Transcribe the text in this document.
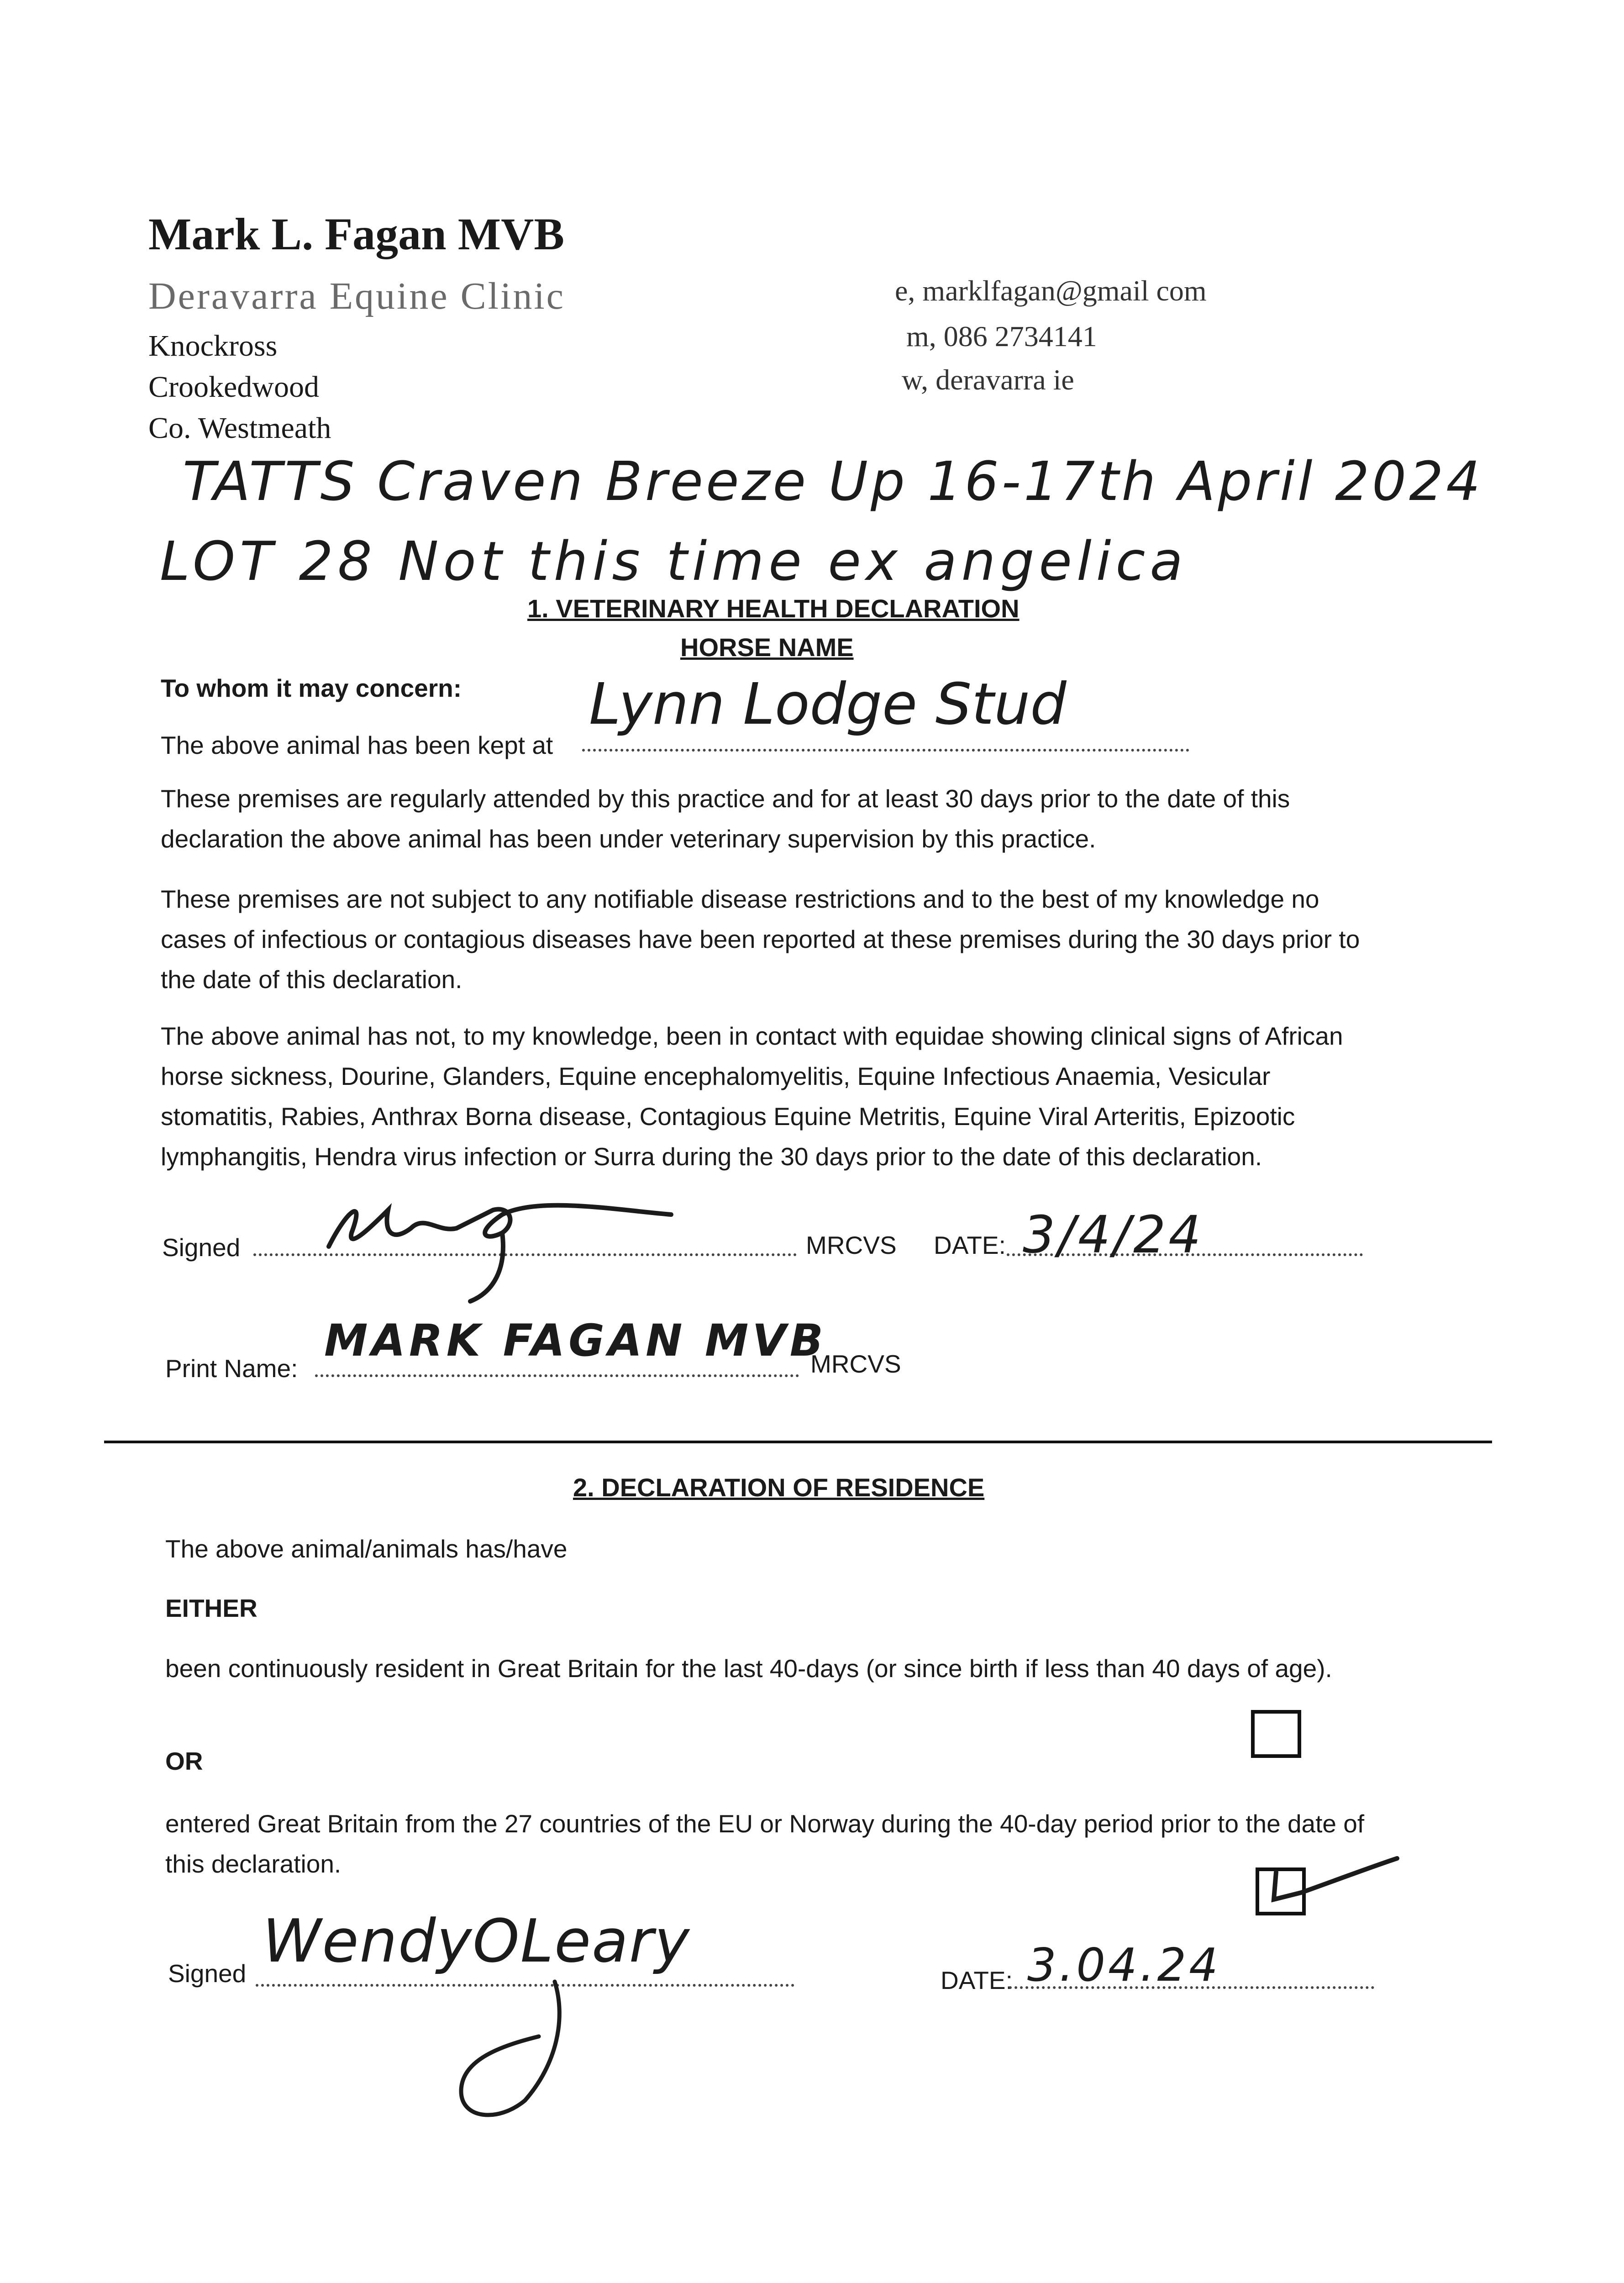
Mark L. Fagan MVB
Deravarra Equine Clinic
Knockross
Crookedwood
Co. Westmeath
e, marklfagan@gmail com
m, 086 2734141
w, deravarra ie
TATTS Craven Breeze Up 16-17th April 2024
LOT 28 Not this time ex angelica
1. VETERINARY HEALTH DECLARATION
HORSE NAME
To whom it may concern:
The above animal has been kept at
Lynn Lodge Stud
These premises are regularly attended by this practice and for at least 30 days prior to the date of this declaration the above animal has been under veterinary supervision by this practice.
These premises are not subject to any notifiable disease restrictions and to the best of my knowledge no cases of infectious or contagious diseases have been reported at these premises during the 30 days prior to the date of this declaration.
The above animal has not, to my knowledge, been in contact with equidae showing clinical signs of African horse sickness, Dourine, Glanders, Equine encephalomyelitis, Equine Infectious Anaemia, Vesicular stomatitis, Rabies, Anthrax Borna disease, Contagious Equine Metritis, Equine Viral Arteritis, Epizootic lymphangitis, Hendra virus infection or Surra during the 30 days prior to the date of this declaration.
Signed	MRCVS DATE: 3/4/24
Print Name:
MARK FAGAN MVB
MRCVS
2. DECLARATION OF RESIDENCE
The above animal/animals has/have
EITHER
been continuously resident in Great Britain for the last 40-days (or since birth if less than 40 days of age).
OR
entered Great Britain from the 27 countries of the EU or Norway during the 40-day period prior to the date of this declaration.
Signed WendyOLeary
DATE: 3.04.24
